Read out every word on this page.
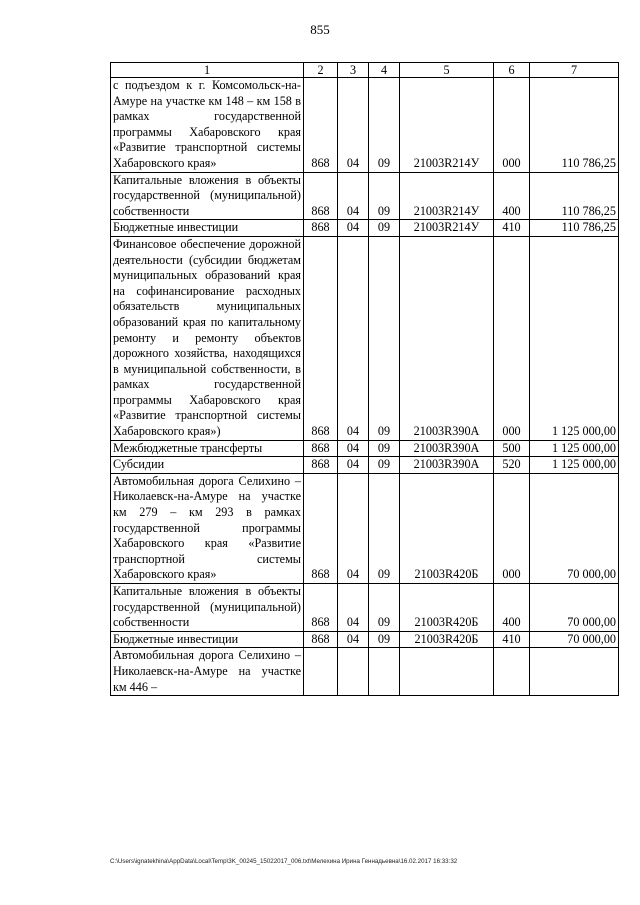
855
1	2	3	4	5	6	7
с подъездом к г. Комсомольск-на-Амуре на участке км 148 – км 158 в рамках государственной программы Хабаровского края «Развитие транспортной системы Хабаровского края»	868	04	09	21003R214У	000	110 786,25
Капитальные вложения в объекты государственной (муниципальной) собственности	868	04	09	21003R214У	400	110 786,25
Бюджетные инвестиции	868	04	09	21003R214У	410	110 786,25
Финансовое обеспечение дорожной деятельности (субсидии бюджетам муниципальных образований края на софинансирование расходных обязательств муниципальных образований края по капитальному ремонту и ремонту объектов дорожного хозяйства, находящихся в муниципальной собственности, в рамках государственной программы Хабаровского края «Развитие транспортной системы Хабаровского края»)	868	04	09	21003R390А	000	1 125 000,00
Межбюджетные трансферты	868	04	09	21003R390А	500	1 125 000,00
Субсидии	868	04	09	21003R390А	520	1 125 000,00
Автомобильная дорога Селихино – Николаевск-на-Амуре на участке км 279 – км 293 в рамках государственной программы Хабаровского края «Развитие транспортной системы Хабаровского края»	868	04	09	21003R420Б	000	70 000,00
Капитальные вложения в объекты государственной (муниципальной) собственности	868	04	09	21003R420Б	400	70 000,00
Бюджетные инвестиции	868	04	09	21003R420Б	410	70 000,00
Автомобильная дорога Селихино – Николаевск-на-Амуре на участке км 446 –						
C:\Users\ignatekhina\AppData\Local\Temp\3K_00245_15022017_006.txt\Мелехина Ирина Геннадьевна\16.02.2017 16:33:32
